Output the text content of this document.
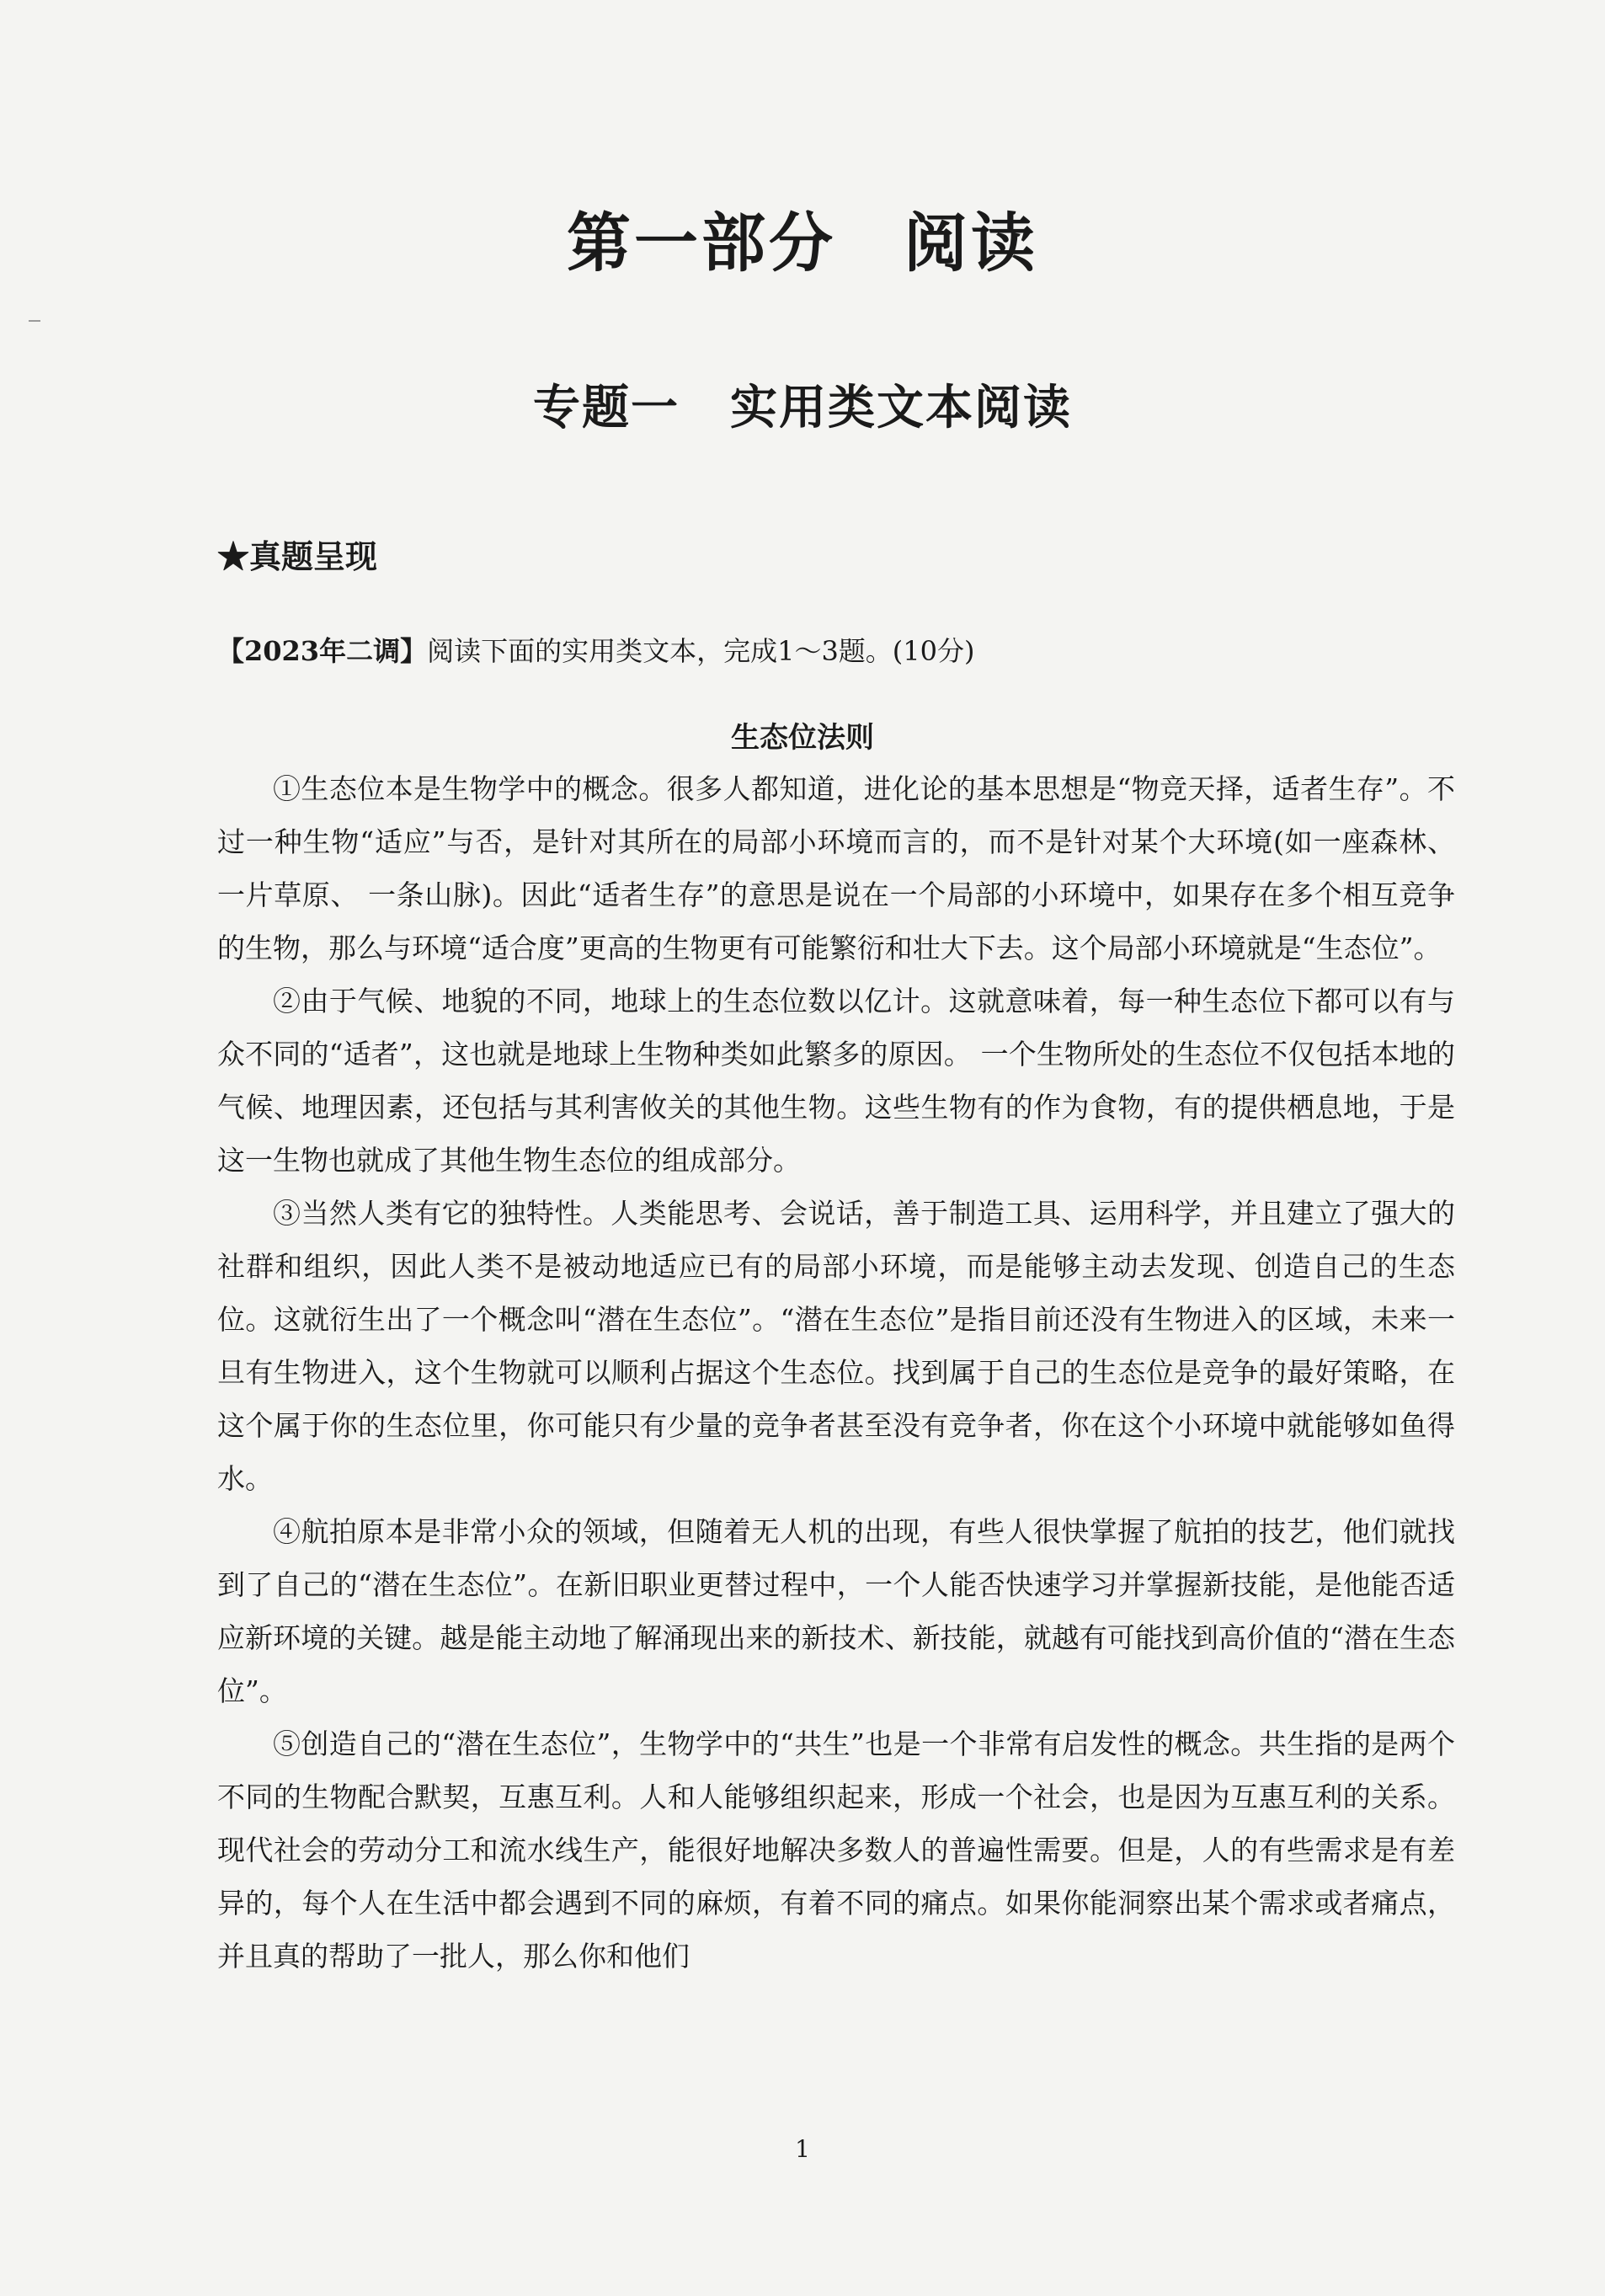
第一部分 阅读
专题一 实用类文本阅读
★真题呈现
【2023年二调】阅读下面的实用类文本，完成1～3题。(10分)
生态位法则

①生态位本是生物学中的概念。很多人都知道，进化论的基本思想是“物竞天择，适者生存”。不过一种生物“适应”与否，是针对其所在的局部小环境而言的，而不是针对某个大环境(如一座森林、 一片草原、 一条山脉)。因此“适者生存”的意思是说在一个局部的小环境中，如果存在多个相互竞争的生物，那么与环境“适合度”更高的生物更有可能繁衍和壮大下去。这个局部小环境就是“生态位”。

②由于气候、地貌的不同，地球上的生态位数以亿计。这就意味着，每一种生态位下都可以有与众不同的“适者”，这也就是地球上生物种类如此繁多的原因。 一个生物所处的生态位不仅包括本地的气候、地理因素，还包括与其利害攸关的其他生物。这些生物有的作为食物，有的提供栖息地，于是这一生物也就成了其他生物生态位的组成部分。

③当然人类有它的独特性。人类能思考、会说话，善于制造工具、运用科学，并且建立了强大的社群和组织，因此人类不是被动地适应已有的局部小环境，而是能够主动去发现、创造自己的生态位。这就衍生出了一个概念叫“潜在生态位”。“潜在生态位”是指目前还没有生物进入的区域，未来一旦有生物进入，这个生物就可以顺利占据这个生态位。找到属于自己的生态位是竞争的最好策略，在这个属于你的生态位里，你可能只有少量的竞争者甚至没有竞争者，你在这个小环境中就能够如鱼得水。

④航拍原本是非常小众的领域，但随着无人机的出现，有些人很快掌握了航拍的技艺，他们就找到了自己的“潜在生态位”。在新旧职业更替过程中，一个人能否快速学习并掌握新技能，是他能否适应新环境的关键。越是能主动地了解涌现出来的新技术、新技能，就越有可能找到高价值的“潜在生态位”。

⑤创造自己的“潜在生态位”，生物学中的“共生”也是一个非常有启发性的概念。共生指的是两个不同的生物配合默契，互惠互利。人和人能够组织起来，形成一个社会，也是因为互惠互利的关系。现代社会的劳动分工和流水线生产，能很好地解决多数人的普遍性需要。但是，人的有些需求是有差异的，每个人在生活中都会遇到不同的麻烦，有着不同的痛点。如果你能洞察出某个需求或者痛点，并且真的帮助了一批人，那么你和他们

1
